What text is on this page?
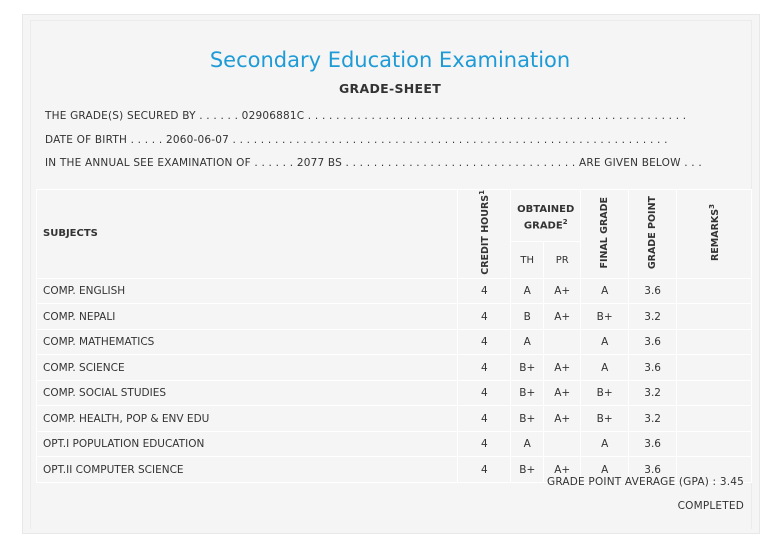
Secondary Education Examination
GRADE-SHEET
THE GRADE(S) SECURED BY . . . . . . 02906881C . . . . . . . . . . . . . . . . . . . . . . . . . . . . . . . . . . . . . . . . . . . . . . . . . . . . . .
DATE OF BIRTH . . . . . 2060-06-07 . . . . . . . . . . . . . . . . . . . . . . . . . . . . . . . . . . . . . . . . . . . . . . . . . . . . . . . . . . . . . .
IN THE ANNUAL SEE EXAMINATION OF . . . . . . 2077 BS . . . . . . . . . . . . . . . . . . . . . . . . . . . . . . . . . ARE GIVEN BELOW . . .
SUBJECTS	CREDIT HOURS$^1$	OBTAINED GRADE$^2$		FINAL GRADE	GRADE POINT	REMARKS$^3$
		TH	PR			
COMP. ENGLISH	4	A	A+	A	3.6	
COMP. NEPALI	4	B	A+	B+	3.2	
COMP. MATHEMATICS	4	A		A	3.6	
COMP. SCIENCE	4	B+	A+	A	3.6	
COMP. SOCIAL STUDIES	4	B+	A+	B+	3.2	
COMP. HEALTH, POP & ENV EDU	4	B+	A+	B+	3.2	
OPT.I POPULATION EDUCATION	4	A		A	3.6	
OPT.II COMPUTER SCIENCE	4	B+	A+	A	3.6	
GRADE POINT AVERAGE (GPA) : 3.45
COMPLETED
